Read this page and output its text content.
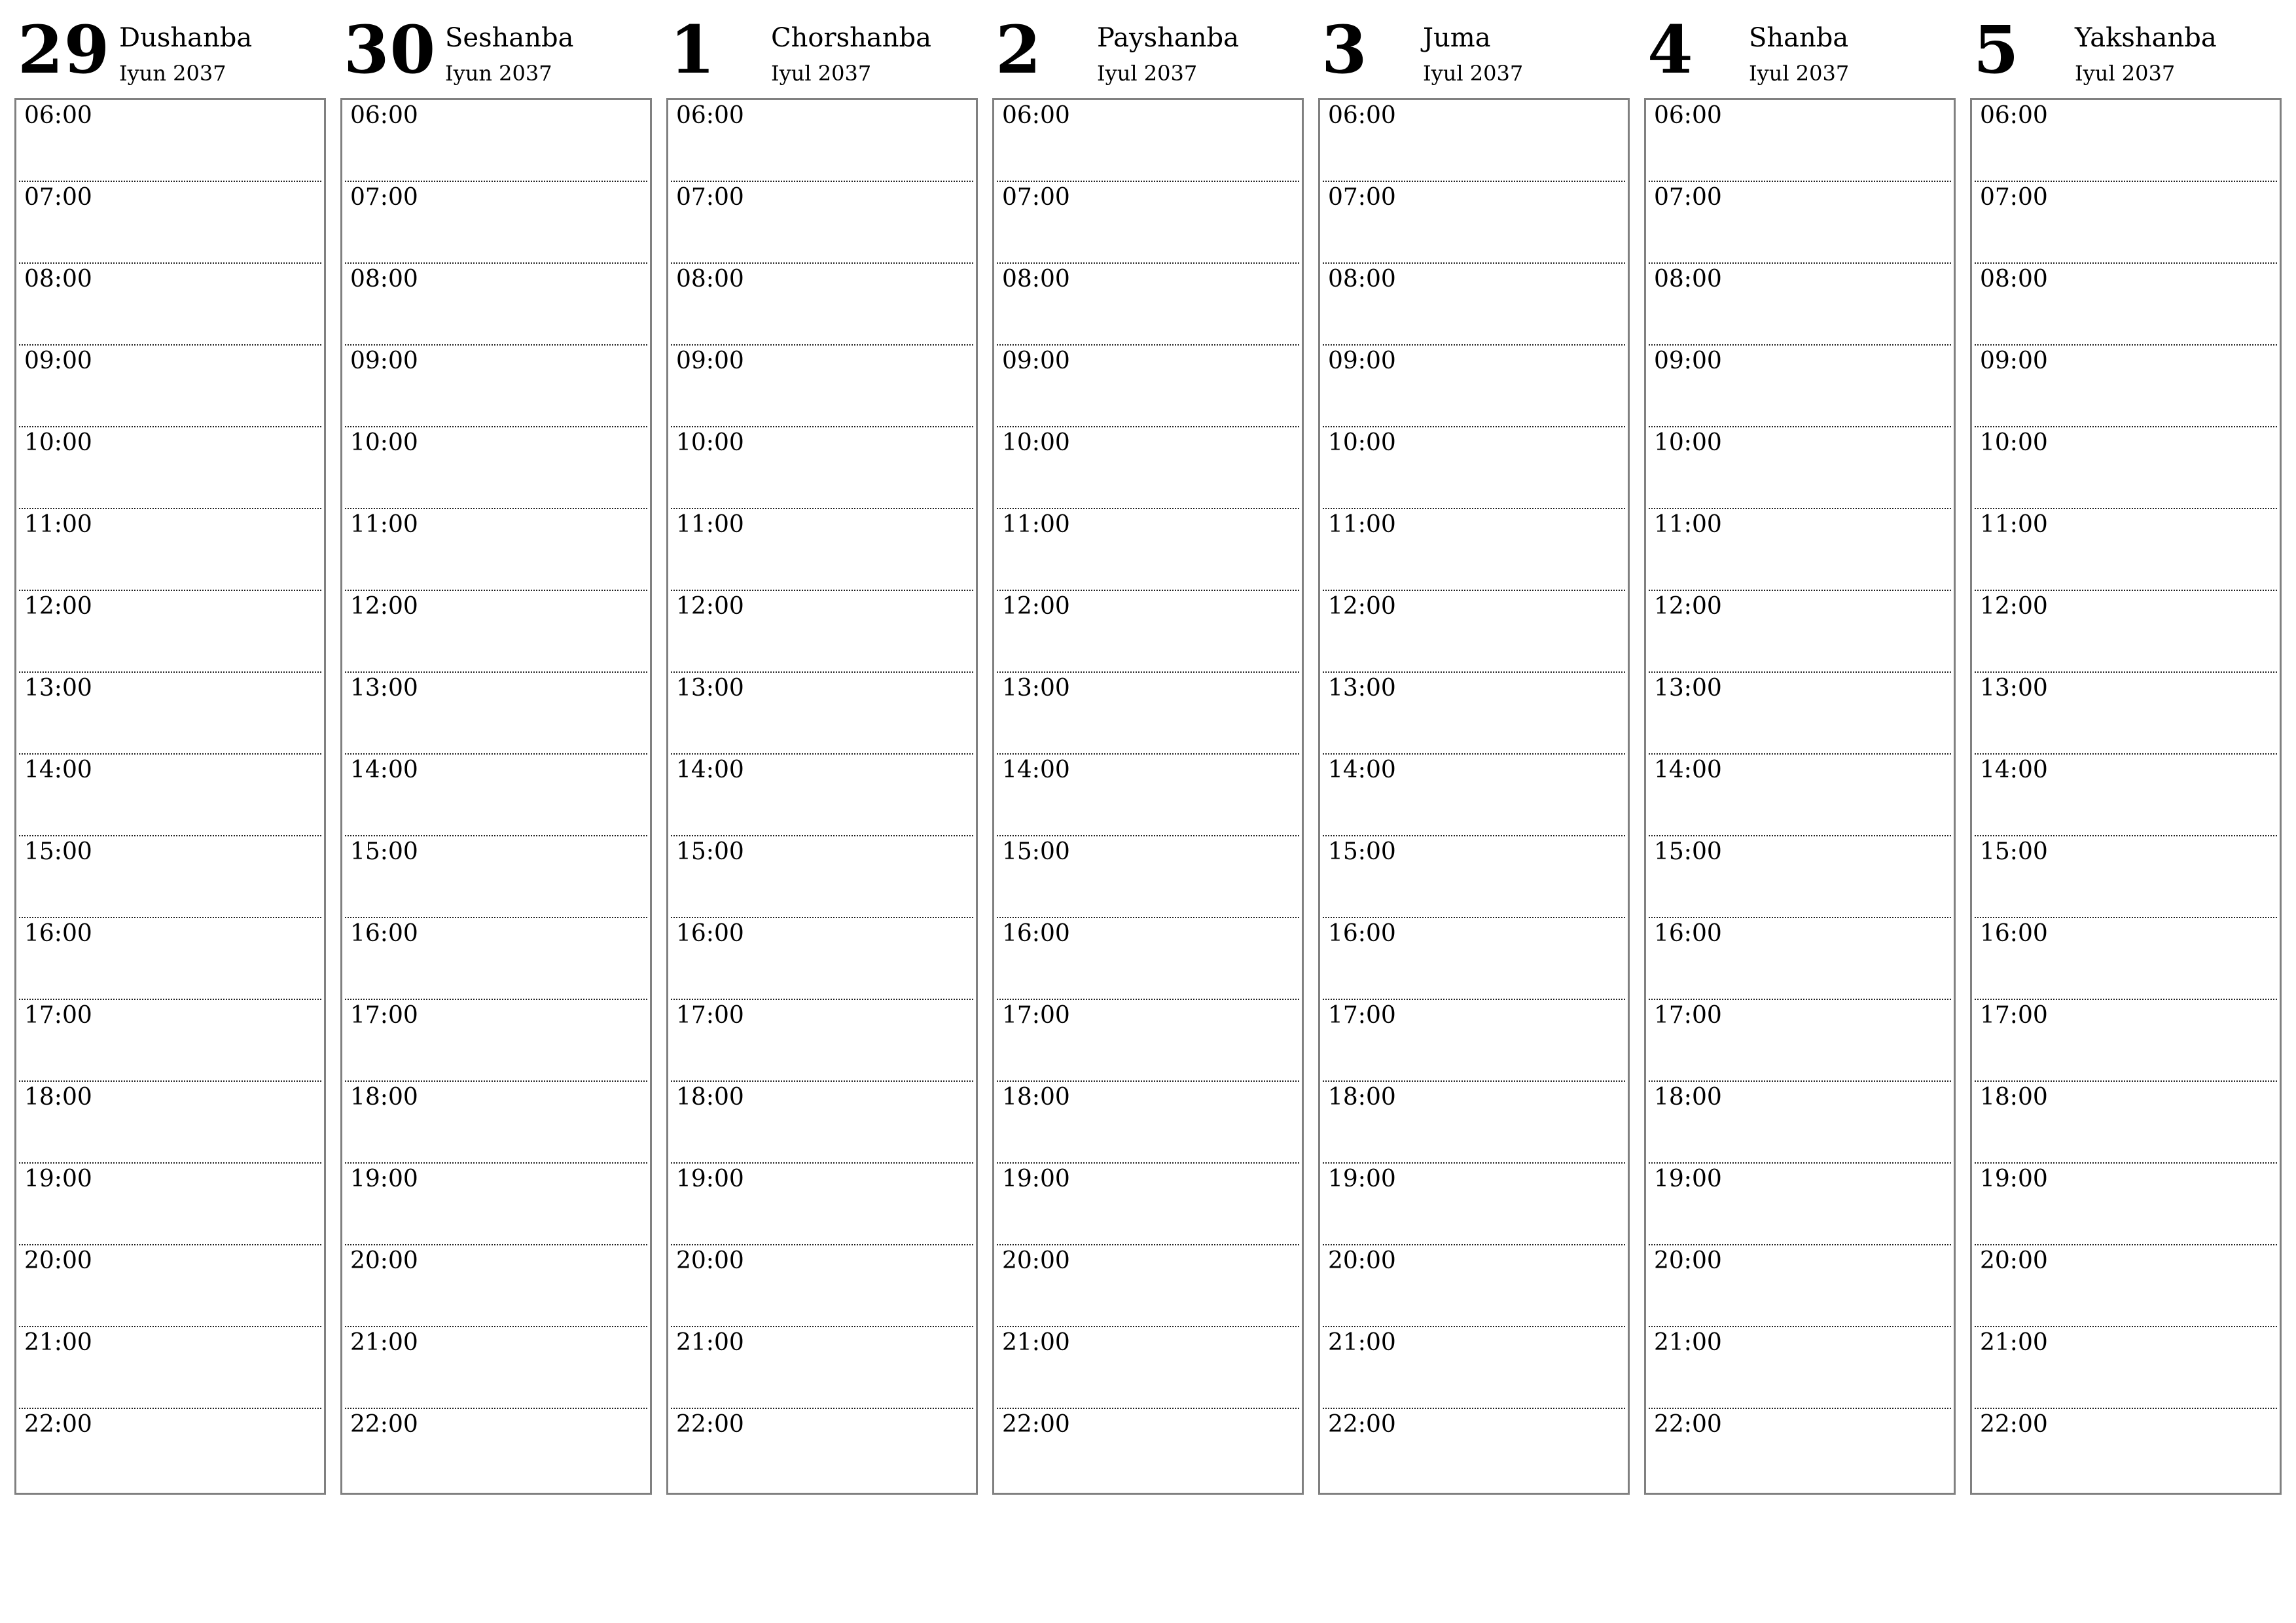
29 Dushanba
Iyun 2037
06:00
07:00
08:00
09:00
10:00
11:00
12:00
13:00
14:00
15:00
16:00
17:00
18:00
19:00
20:00
21:00
22:00
30 Seshanba
Iyun 2037
06:00
07:00
08:00
09:00
10:00
11:00
12:00
13:00
14:00
15:00
16:00
17:00
18:00
19:00
20:00
21:00
22:00
1 Chorshanba
Iyul 2037
06:00
07:00
08:00
09:00
10:00
11:00
12:00
13:00
14:00
15:00
16:00
17:00
18:00
19:00
20:00
21:00
22:00
2 Payshanba
Iyul 2037
06:00
07:00
08:00
09:00
10:00
11:00
12:00
13:00
14:00
15:00
16:00
17:00
18:00
19:00
20:00
21:00
22:00
3 Juma
Iyul 2037
06:00
07:00
08:00
09:00
10:00
11:00
12:00
13:00
14:00
15:00
16:00
17:00
18:00
19:00
20:00
21:00
22:00
4 Shanba
Iyul 2037
06:00
07:00
08:00
09:00
10:00
11:00
12:00
13:00
14:00
15:00
16:00
17:00
18:00
19:00
20:00
21:00
22:00
5 Yakshanba
Iyul 2037
06:00
07:00
08:00
09:00
10:00
11:00
12:00
13:00
14:00
15:00
16:00
17:00
18:00
19:00
20:00
21:00
22:00
